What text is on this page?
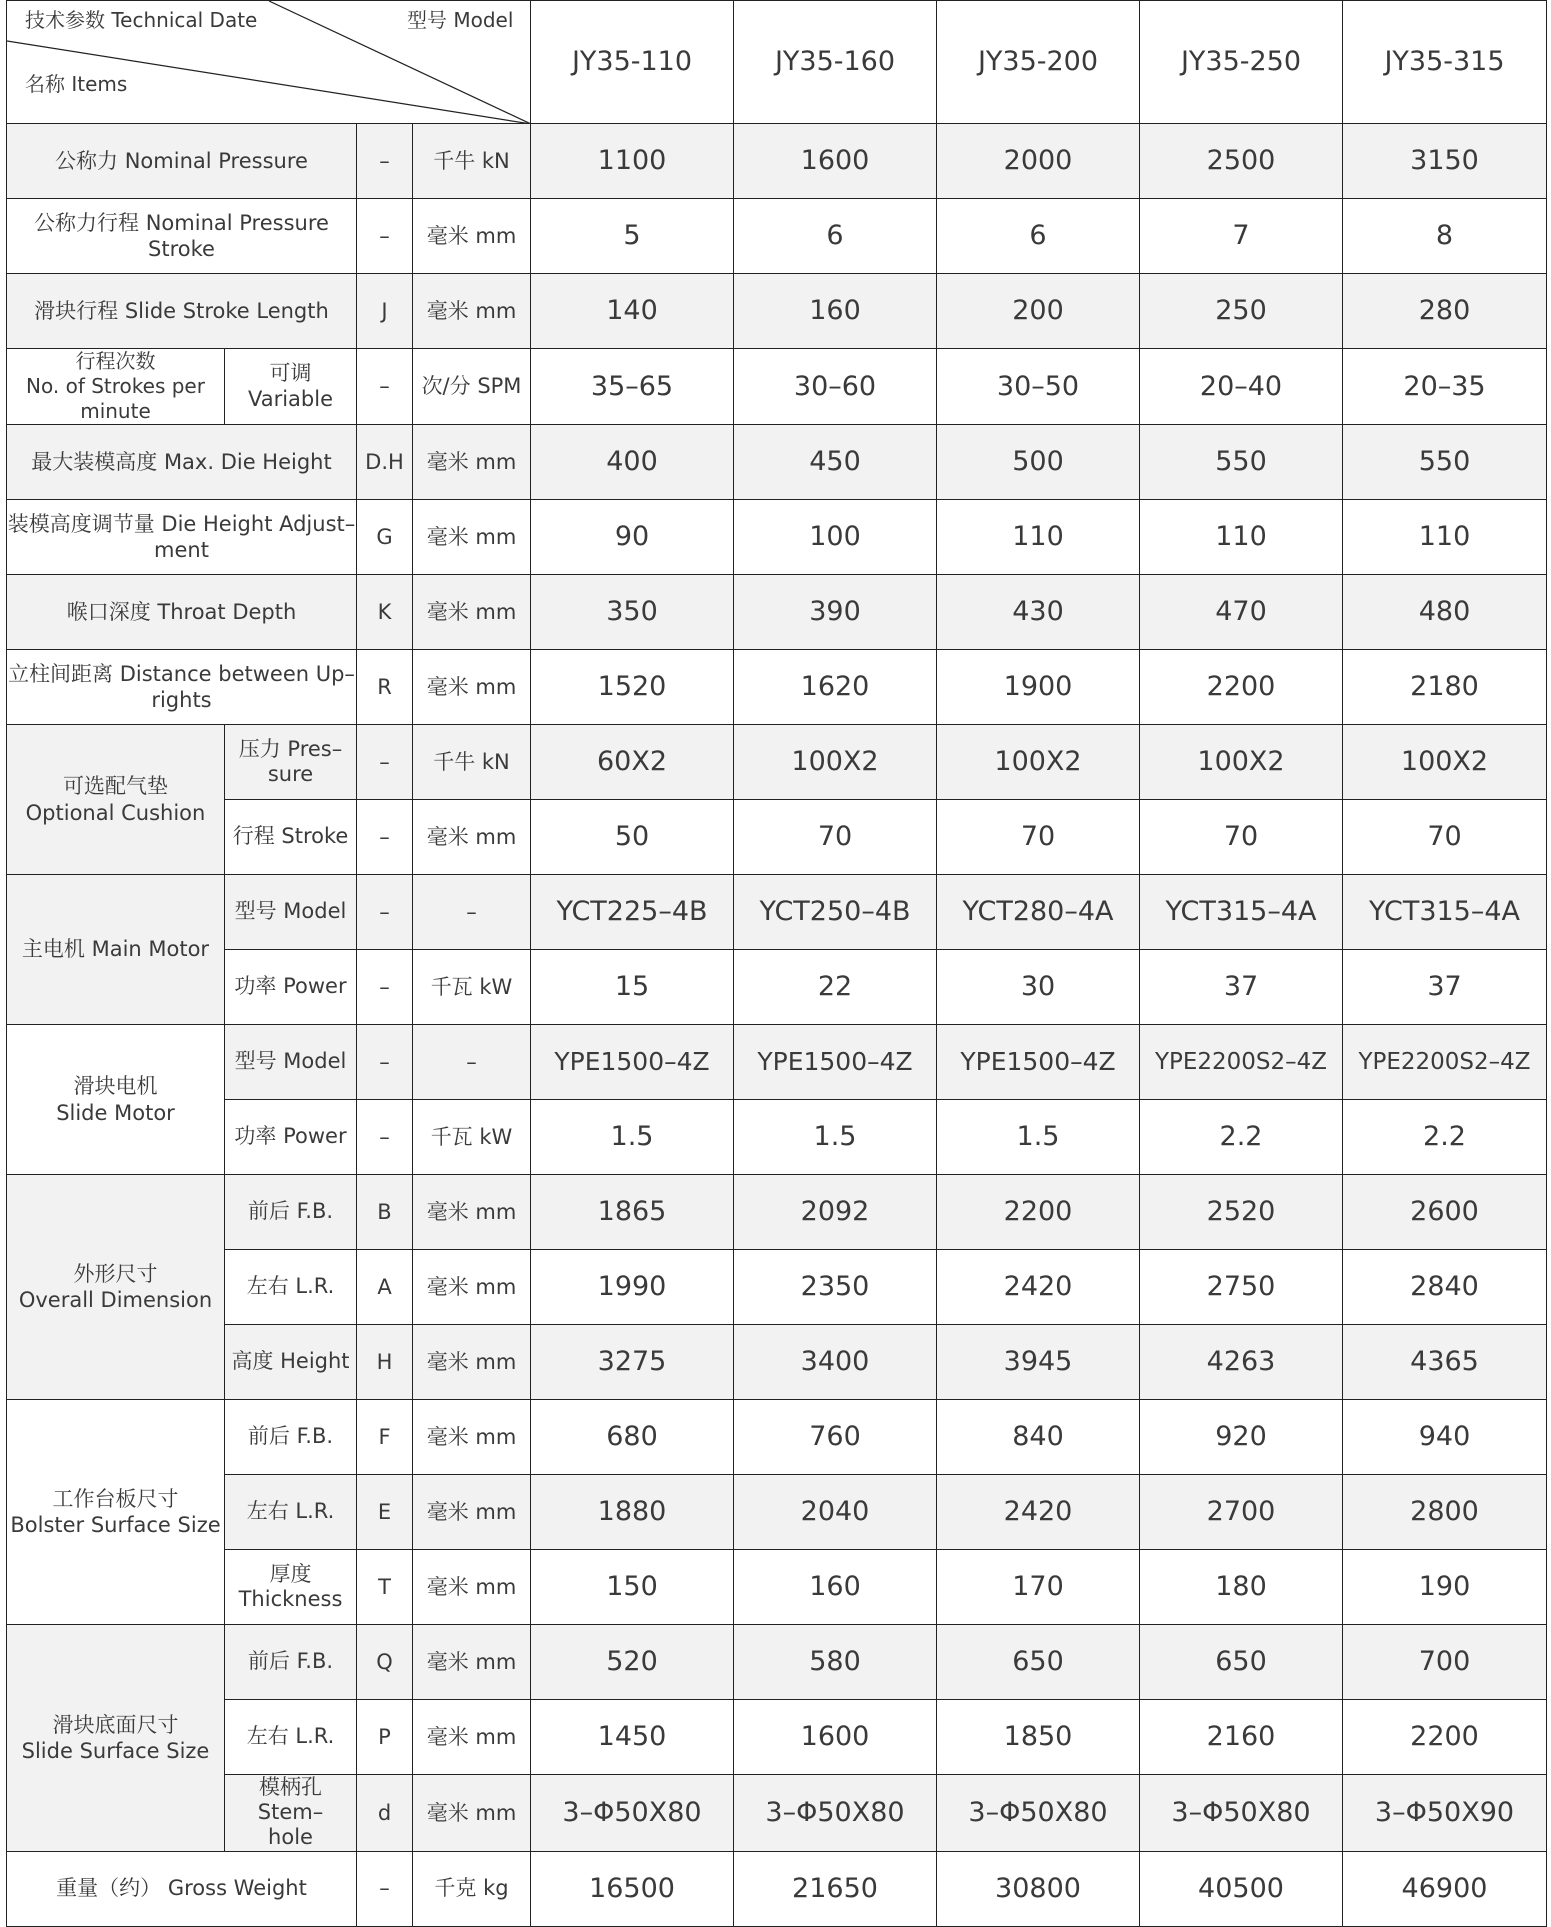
技术参数 Technical Date 型号 Model
名称 Items				JY35-110	JY35-160	JY35-200	JY35-250	JY35-315
公称力 Nominal Pressure		–	千牛 kN	1100	1600	2000	2500	3150
公称力行程 Nominal Pressure Stroke		–	毫米 mm	5	6	6	7	8
滑块行程 Slide Stroke Length		J	毫米 mm	140	160	200	250	280
行程次数
No. of Strokes per minute	可调 Variable	–	次/分 SPM	35–65	30–60	30–50	20–40	20–35
最大装模高度 Max. Die Height		D.H	毫米 mm	400	450	500	550	550
装模高度调节量 Die Height Adjust–
ment		G	毫米 mm	90	100	110	110	110
喉口深度 Throat Depth		K	毫米 mm	350	390	430	470	480
立柱间距离 Distance between Up–
rights		R	毫米 mm	1520	1620	1900	2200	2180
可选配气垫
Optional Cushion	压力 Pres–
sure	–	千牛 kN	60X2	100X2	100X2	100X2	100X2
	行程 Stroke	–	毫米 mm	50	70	70	70	70
主电机 Main Motor	型号 Model	–	–	YCT225–4B	YCT250–4B	YCT280–4A	YCT315–4A	YCT315–4A
	功率 Power	–	千瓦 kW	15	22	30	37	37
滑块电机
Slide Motor	型号 Model	–	–	YPE1500–4Z	YPE1500–4Z	YPE1500–4Z	YPE2200S2–4Z	YPE2200S2–4Z
	功率 Power	–	千瓦 kW	1.5	1.5	1.5	2.2	2.2
外形尺寸
Overall Dimension	前后 F.B.	B	毫米 mm	1865	2092	2200	2520	2600
	左右 L.R.	A	毫米 mm	1990	2350	2420	2750	2840
	高度 Height	H	毫米 mm	3275	3400	3945	4263	4365
工作台板尺寸
Bolster Surface Size	前后 F.B.	F	毫米 mm	680	760	840	920	940
	左右 L.R.	E	毫米 mm	1880	2040	2420	2700	2800
	厚度
Thickness	T	毫米 mm	150	160	170	180	190
滑块底面尺寸
Slide Surface Size	前后 F.B.	Q	毫米 mm	520	580	650	650	700
	左右 L.R.	P	毫米 mm	1450	1600	1850	2160	2200
	模柄孔 Stem–
hole	d	毫米 mm	3–Φ50X80	3–Φ50X80	3–Φ50X80	3–Φ50X80	3–Φ50X90
重量（约） Gross Weight		–	千克 kg	16500	21650	30800	40500	46900
